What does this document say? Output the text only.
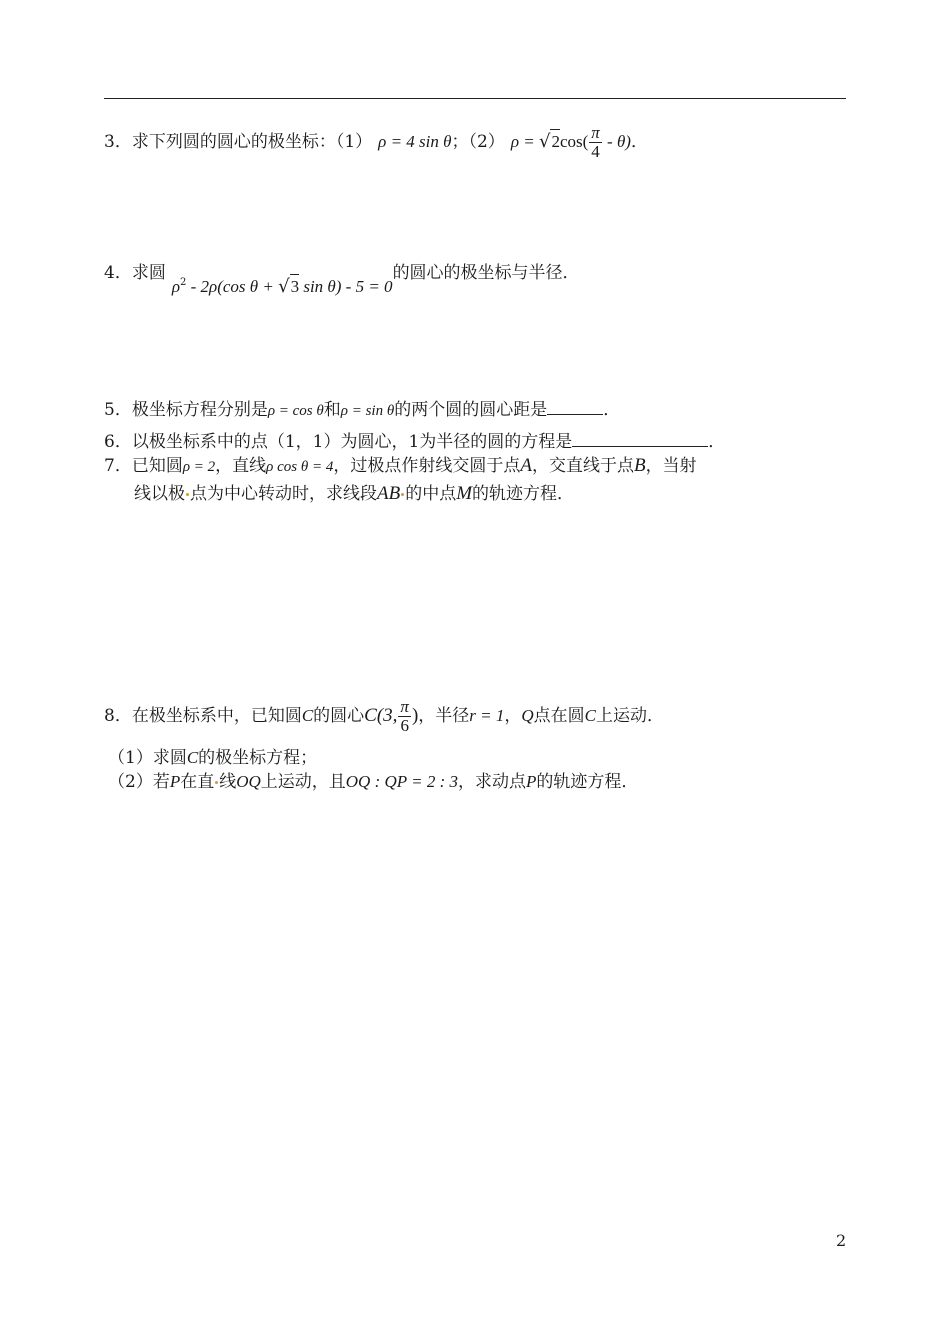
3．求下列圆的圆心的极坐标：（1） ρ = 4 sin θ；（2） $\rho = √2\cos( \frac{\pi}{4} - \theta)$．
4．求圆$\rho^2 - 2\rho(\cos$ θ + √3 sin θ) - 5 = 0的圆心的极坐标与半径．
5．极坐标方程分别是ρ = cos θ和ρ = sin θ的两个圆的圆心距是	．
6．以极坐标系中的点（1，1）为圆心，1为半径的圆的方程是	．
7．已知圆ρ = 2，直线ρ cos θ = 4，过极点作射线交圆于点A，交直线于点B，当射
线以极 点为中心转动时，求线段AB 的中点M的轨迹方程．
8．在极坐标系中，已知圆C的圆心C(3, $\frac{\pi}{6}$ )，半径r = 1，Q点在圆C上运动．
（1）求圆C的极坐标方程；
（2）若P在直 线OQ上运动，且OQ : QP = 2 : 3，求动点P的轨迹方程．
2
